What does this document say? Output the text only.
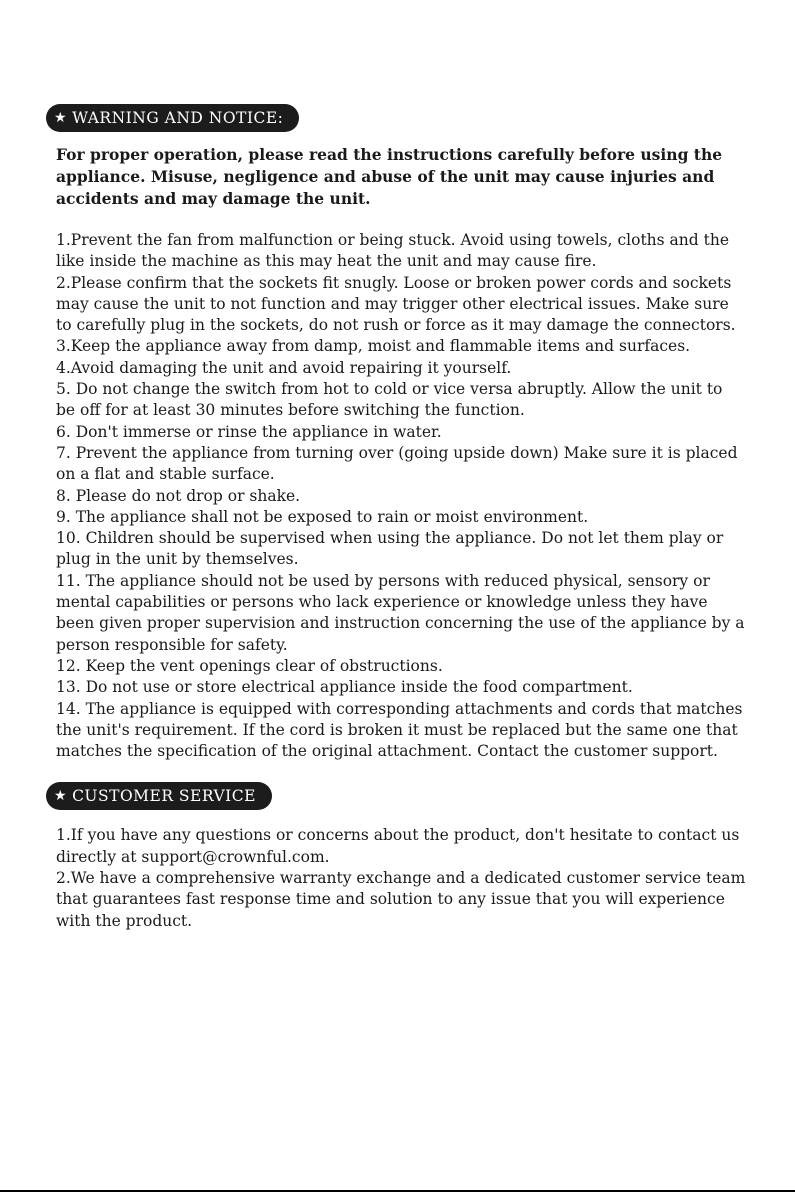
★ WARNING AND NOTICE:
For proper operation, please read the instructions carefully before using the appliance. Misuse, negligence and abuse of the unit may cause injuries and accidents and may damage the unit.

1.Prevent the fan from malfunction or being stuck. Avoid using towels, cloths and the like inside the machine as this may heat the unit and may cause fire.

2.Please confirm that the sockets fit snugly. Loose or broken power cords and sockets may cause the unit to not function and may trigger other electrical issues. Make sure to carefully plug in the sockets, do not rush or force as it may damage the connectors.

3.Keep the appliance away from damp, moist and flammable items and surfaces.

4.Avoid damaging the unit and avoid repairing it yourself.

5. Do not change the switch from hot to cold or vice versa abruptly. Allow the unit to be off for at least 30 minutes before switching the function.

6. Don't immerse or rinse the appliance in water.

7. Prevent the appliance from turning over (going upside down) Make sure it is placed on a flat and stable surface.

8. Please do not drop or shake.

9. The appliance shall not be exposed to rain or moist environment.

10. Children should be supervised when using the appliance. Do not let them play or plug in the unit by themselves.

11. The appliance should not be used by persons with reduced physical, sensory or mental capabilities or persons who lack experience or knowledge unless they have been given proper supervision and instruction concerning the use of the appliance by a person responsible for safety.

12. Keep the vent openings clear of obstructions.

13. Do not use or store electrical appliance inside the food compartment.

14. The appliance is equipped with corresponding attachments and cords that matches the unit's requirement. If the cord is broken it must be replaced but the same one that matches the specification of the original attachment. Contact the customer support.

★ CUSTOMER SERVICE

1.If you have any questions or concerns about the product, don't hesitate to contact us directly at support@crownful.com.

2.We have a comprehensive warranty exchange and a dedicated customer service team that guarantees fast response time and solution to any issue that you will experience with the product.
